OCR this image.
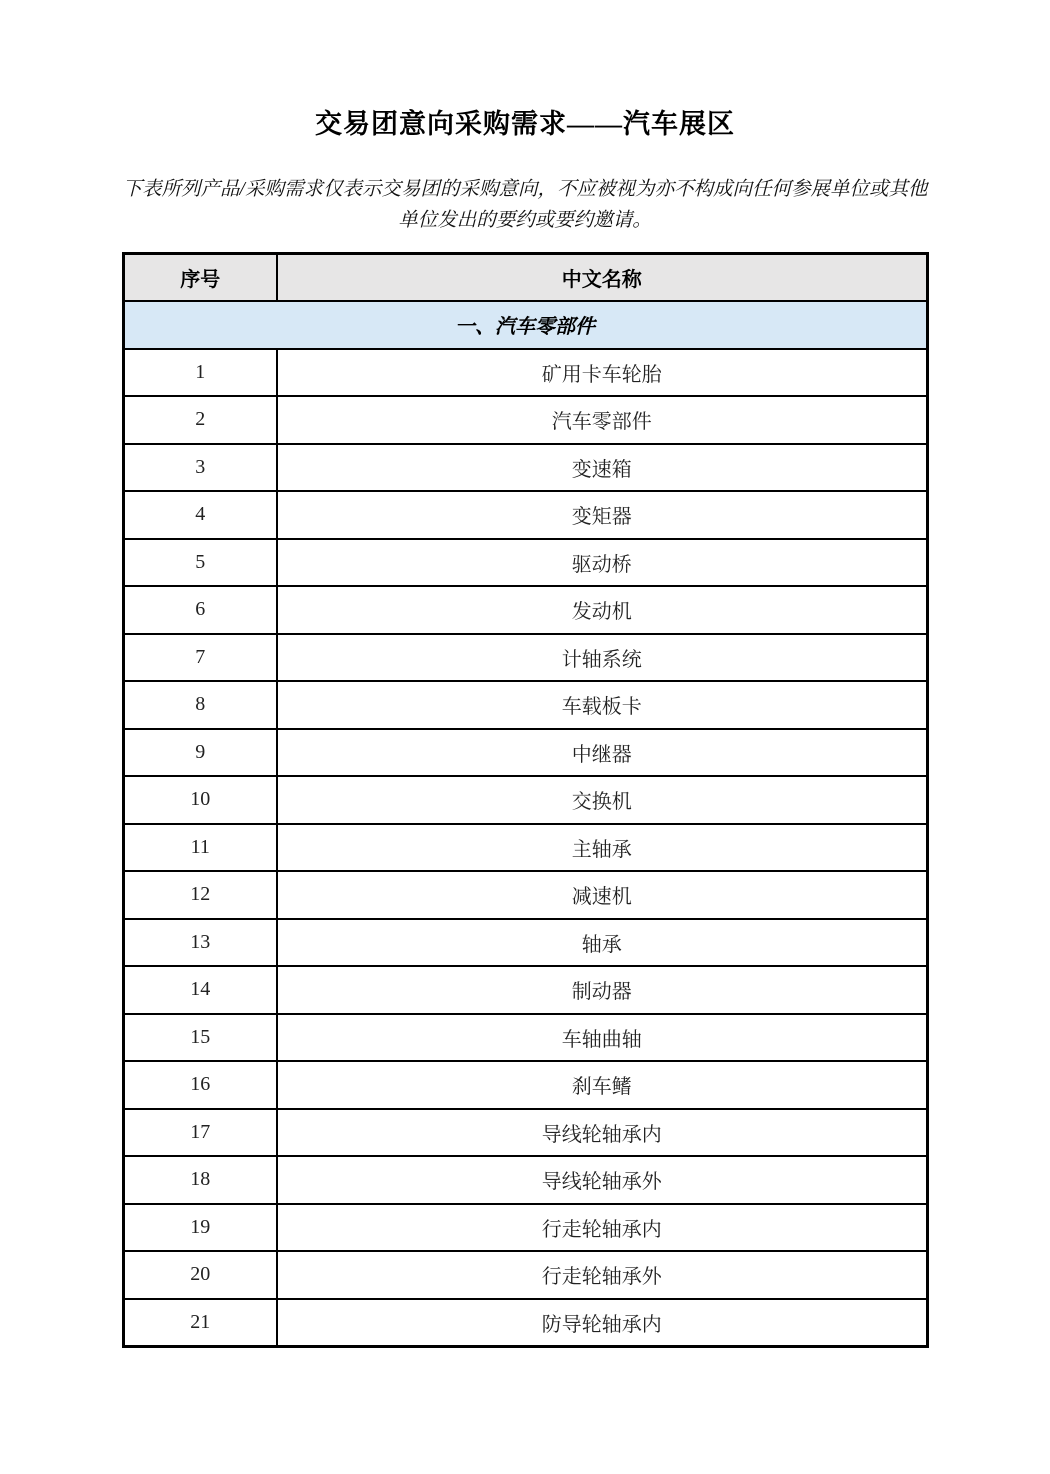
交易团意向采购需求——汽车展区

下表所列产品/采购需求仅表示交易团的采购意向，不应被视为亦不构成向任何参展单位或其他单位发出的要约或要约邀请。

序号	中文名称
一、汽车零部件	
1	矿用卡车轮胎
2	汽车零部件
3	变速箱
4	变矩器
5	驱动桥
6	发动机
7	计轴系统
8	车载板卡
9	中继器
10	交换机
11	主轴承
12	减速机
13	轴承
14	制动器
15	车轴曲轴
16	刹车鳍
17	导线轮轴承内
18	导线轮轴承外
19	行走轮轴承内
20	行走轮轴承外
21	防导轮轴承内
